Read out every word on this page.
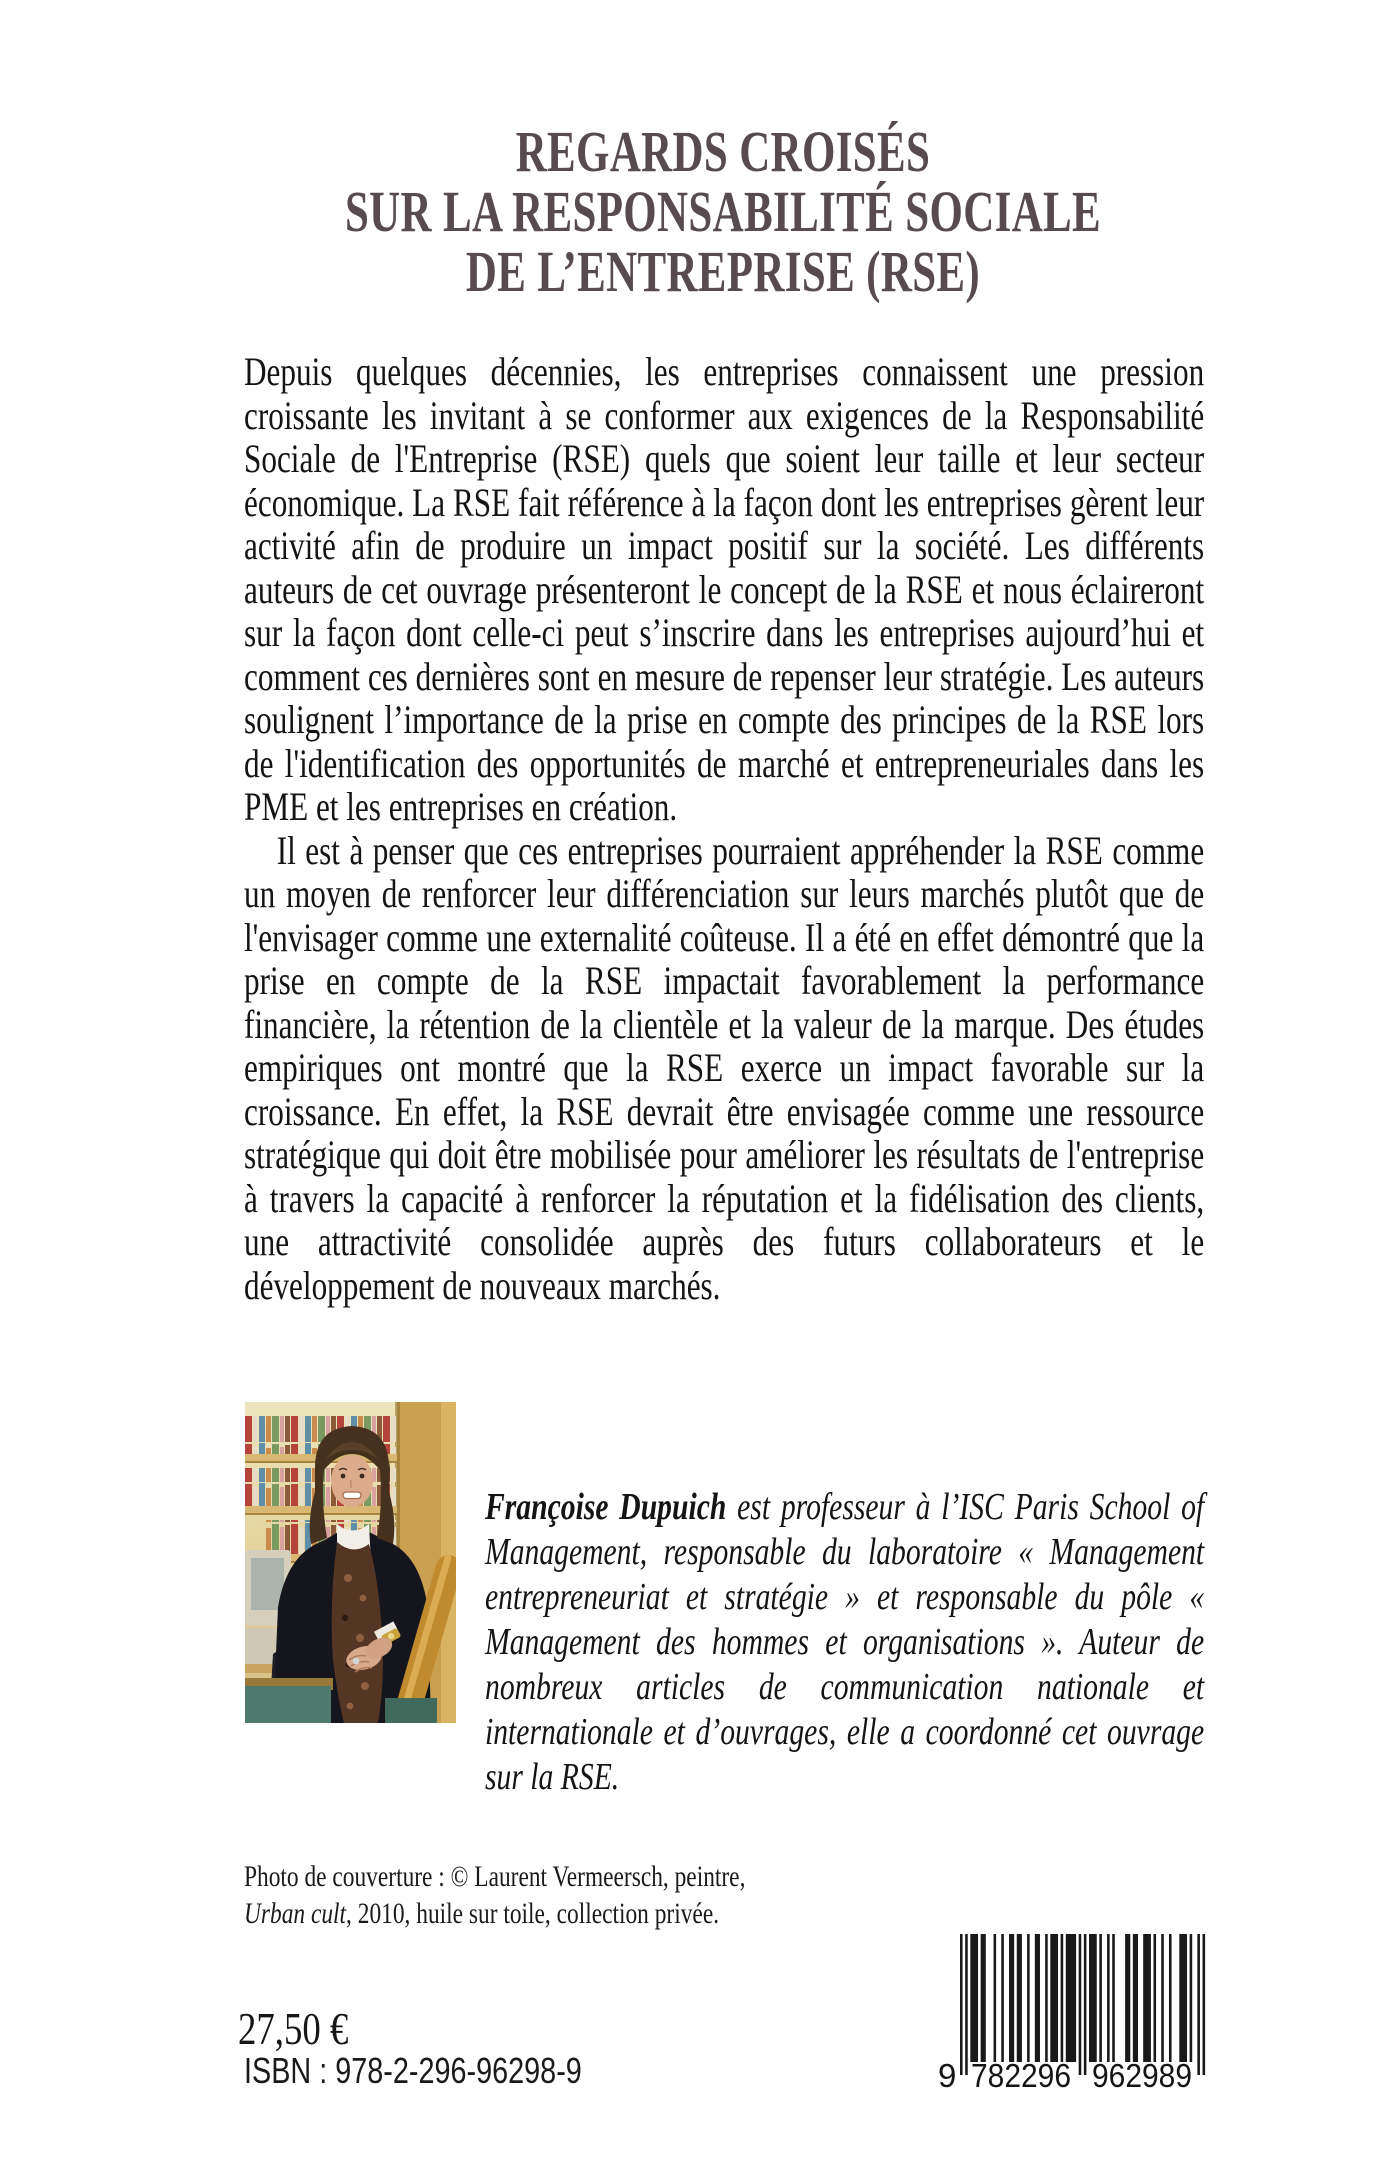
REGARDS CROISÉS
SUR LA RESPONSABILITÉ SOCIALE
DE L’ENTREPRISE (RSE)

Depuis quelques décennies, les entreprises connaissent une pression croissante les invitant à se conformer aux exigences de la Responsabilité Sociale de l'Entreprise (RSE) quels que soient leur taille et leur secteur économique. La RSE fait référence à la façon dont les entreprises gèrent leur activité afin de produire un impact positif sur la société. Les différents auteurs de cet ouvrage présenteront le concept de la RSE et nous éclaireront sur la façon dont celle-ci peut s’inscrire dans les entreprises aujourd’hui et comment ces dernières sont en mesure de repenser leur stratégie. Les auteurs soulignent l’importance de la prise en compte des principes de la RSE lors de l'identification des opportunités de marché et entrepreneuriales dans les PME et les entreprises en création.

Il est à penser que ces entreprises pourraient appréhender la RSE comme un moyen de renforcer leur différenciation sur leurs marchés plutôt que de l'envisager comme une externalité coûteuse. Il a été en effet démontré que la prise en compte de la RSE impactait favorablement la performance financière, la rétention de la clientèle et la valeur de la marque. Des études empiriques ont montré que la RSE exerce un impact favorable sur la croissance. En effet, la RSE devrait être envisagée comme une ressource stratégique qui doit être mobilisée pour améliorer les résultats de l'entreprise à travers la capacité à renforcer la réputation et la fidélisation des clients, une attractivité consolidée auprès des futurs collaborateurs et le développement de nouveaux marchés.

Françoise Dupuich est professeur à l’ISC Paris School of Management, responsable du laboratoire « Management entrepreneuriat et stratégie » et responsable du pôle « Management des hommes et organisations ». Auteur de nombreux articles de communication nationale et internationale et d’ouvrages, elle a coordonné cet ouvrage sur la RSE.

Photo de couverture : © Laurent Vermeersch, peintre,
Urban cult, 2010, huile sur toile, collection privée.
27,50 €
ISBN : 978-2-296-96298-9	9 782296 962989
